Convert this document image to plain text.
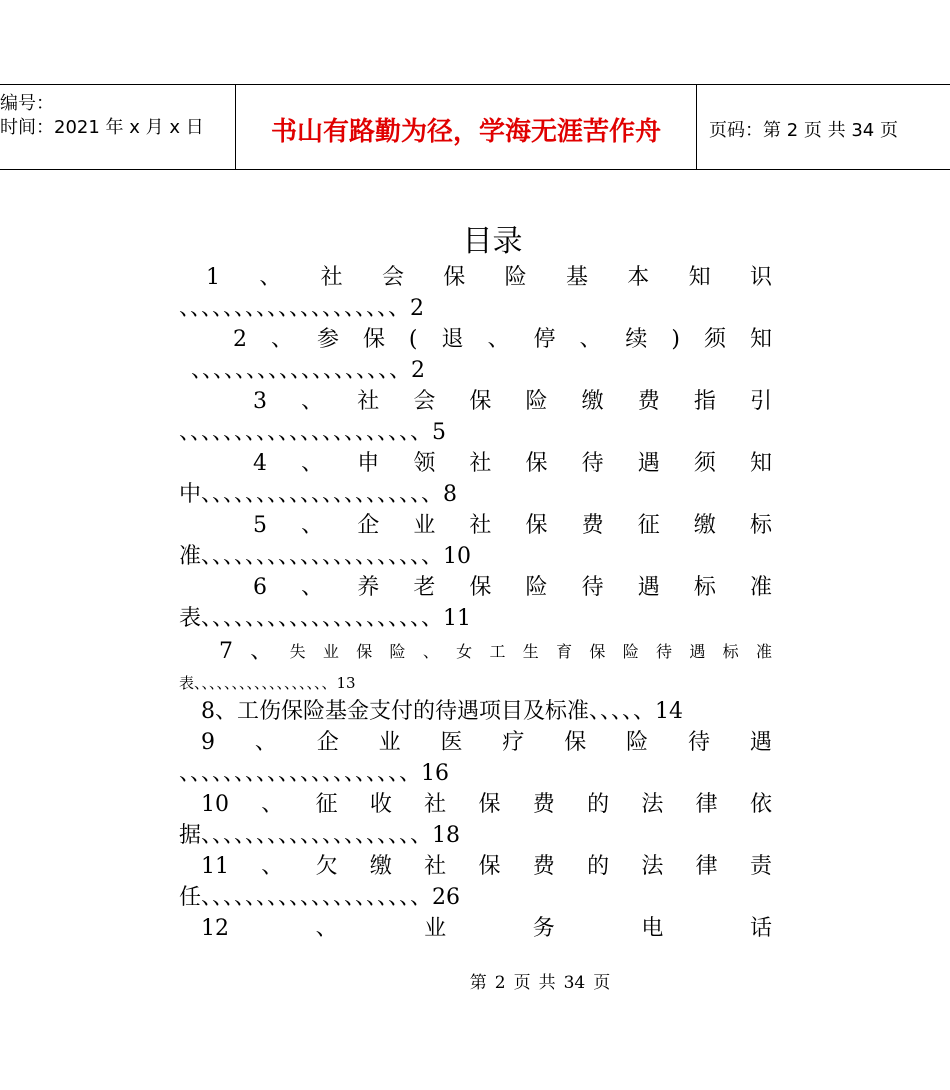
编号：
时间：2021 年 x 月 x 日	书山有路勤为径，学海无涯苦作舟	页码：第 2 页 共 34 页
目录
1 、 社 会 保 险 基 本 知 识
、、、、、、、、、、、、、、、、、、、、2
2 、 参 保 ( 退 、 停 、 续 ) 须 知
、、、、、、、、、、、、、、、、、、、2
3 、 社 会 保 险 缴 费 指 引
、、、、、、、、、、、、、、、、、、、、、、5
4 、 申 领 社 保 待 遇 须 知
中、、、、、、、、、、、、、、、、、、、、、8
5 、 企 业 社 保 费 征 缴 标
准、、、、、、、、、、、、、、、、、、、、、10
6 、 养 老 保 险 待 遇 标 准
表、、、、、、、、、、、、、、、、、、、、、11
7 、 失 业 保 险 、 女 工 生 育 保 险 待 遇 标 准
表、、、、、、、、、、、、、、、、、、13
8、工伤保险基金支付的待遇项目及标准、、、、、14
9 、 企 业 医 疗 保 险 待 遇
、、、、、、、、、、、、、、、、、、、、、16
10 、 征 收 社 保 费 的 法 律 依
据、、、、、、、、、、、、、、、、、、、、18
11 、 欠 缴 社 保 费 的 法 律 责
任、、、、、、、、、、、、、、、、、、、、26
12	、	业	务	电	话
第 2 页 共 34 页
